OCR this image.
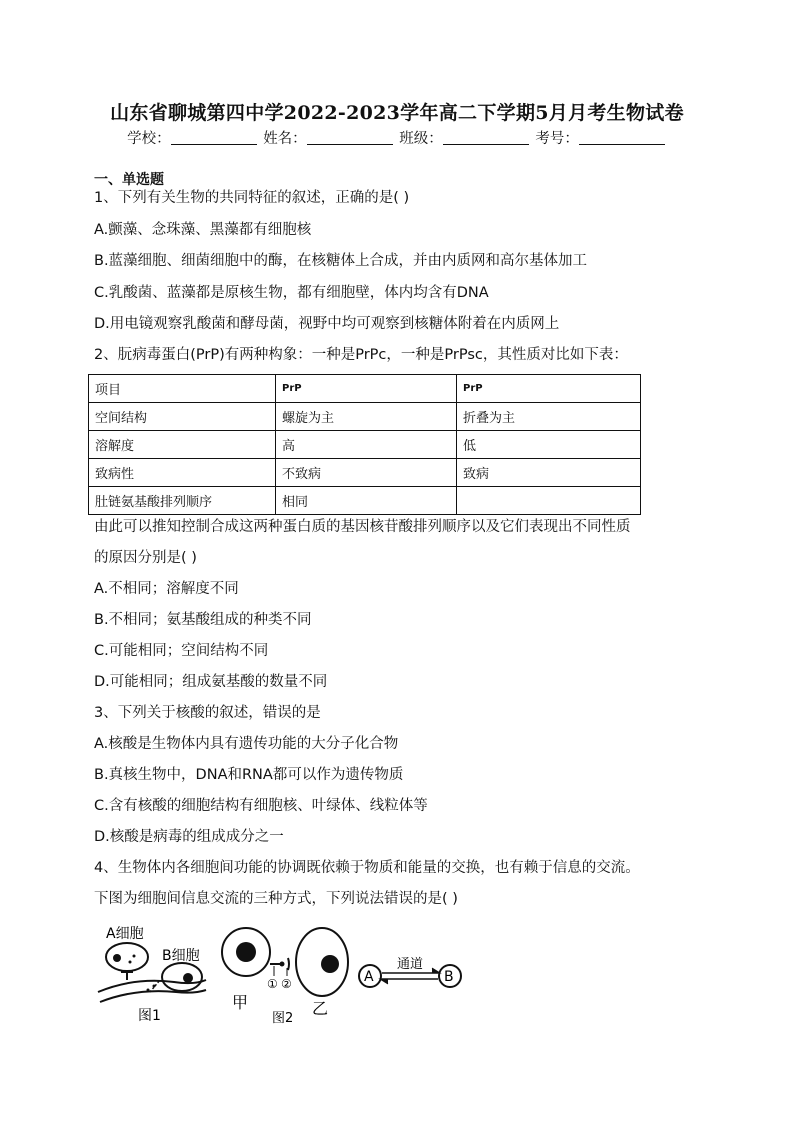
山东省聊城第四中学2022-2023学年高二下学期5月月考生物试卷
学校：	姓名：	班级：	考号：
一、单选题
1、下列有关生物的共同特征的叙述，正确的是( )
A.颤藻、念珠藻、黑藻都有细胞核
B.蓝藻细胞、细菌细胞中的酶，在核糖体上合成，并由内质网和高尔基体加工
C.乳酸菌、蓝藻都是原核生物，都有细胞壁，体内均含有DNA
D.用电镜观察乳酸菌和酵母菌，视野中均可观察到核糖体附着在内质网上
2、朊病毒蛋白(PrP)有两种构象：一种是PrPc，一种是PrPsc，其性质对比如下表：
项目	PrP	PrP
空间结构	螺旋为主	折叠为主
溶解度	高	低
致病性	不致病	致病
肚链氨基酸排列顺序	相同	
由此可以推知控制合成这两种蛋白质的基因核苷酸排列顺序以及它们表现出不同性质
的原因分别是( )
A.不相同；溶解度不同
B.不相同；氨基酸组成的种类不同
C.可能相同；空间结构不同
D.可能相同；组成氨基酸的数量不同
3、下列关于核酸的叙述，错误的是
A.核酸是生物体内具有遗传功能的大分子化合物
B.真核生物中，DNA和RNA都可以作为遗传物质
C.含有核酸的细胞结构有细胞核、叶绿体、线粒体等
D.核酸是病毒的组成成分之一
4、生物体内各细胞间功能的协调既依赖于物质和能量的交换，也有赖于信息的交流。
下图为细胞间信息交流的三种方式，下列说法错误的是( )
A细胞
B细胞
图1
① ②
甲	乙
图2
A	B
通道
